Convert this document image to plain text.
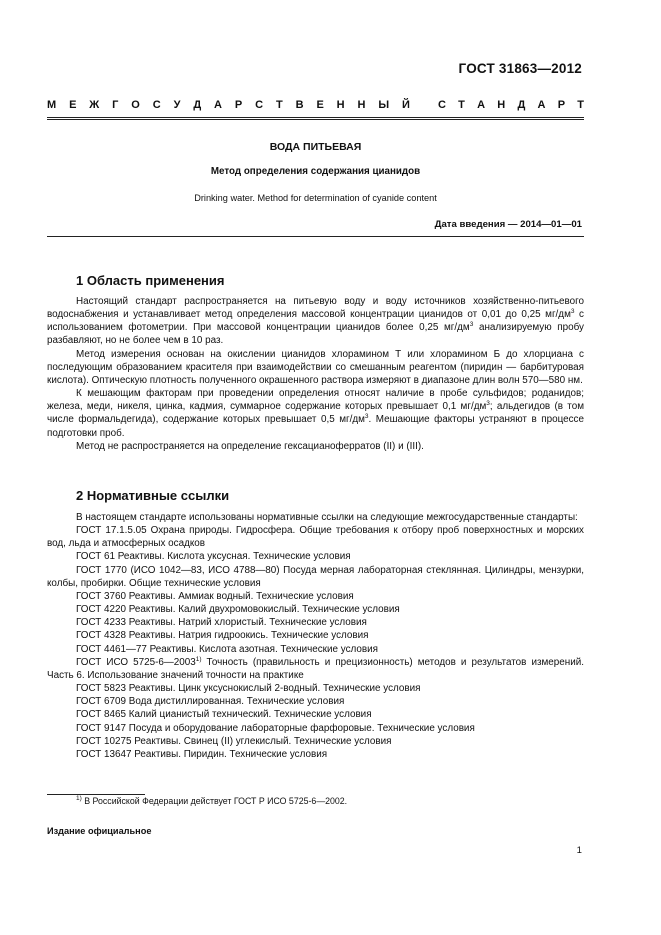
ГОСТ 31863—2012
М Е Ж Г О С У Д А Р С Т В Е Н Н Ы Й	С Т А Н Д А Р Т
ВОДА ПИТЬЕВАЯ
Метод определения содержания цианидов
Drinking water. Method for determination of cyanide content
Дата введения — 2014—01—01
1 Область применения

Настоящий стандарт распространяется на питьевую воду и воду источников хозяйственно-питьевого водоснабжения и устанавливает метод определения массовой концентрации цианидов от 0,01 до 0,25 $мг/дм^3$ с использованием фотометрии. При массовой концентрации цианидов более 0,25 $мг/дм^3$ анализируемую пробу разбавляют, но не более чем в 10 раз.

Метод измерения основан на окислении цианидов хлорамином Т или хлорамином Б до хлорциана с последующим образованием красителя при взаимодействии со смешанным реагентом (пиридин — барбитуровая кислота). Оптическую плотность полученного окрашенного раствора измеряют в диапазоне длин волн 570—580 нм.

К мешающим факторам при проведении определения относят наличие в пробе сульфидов; роданидов; железа, меди, никеля, цинка, кадмия, суммарное содержание которых превышает 0,1 $мг/дм^3$; альдегидов (в том числе формальдегида), содержание которых превышает 0,5 $мг/дм^3$. Мешающие факторы устраняют в процессе подготовки проб.

Метод не распространяется на определение гексацианоферратов (II) и (III).

2 Нормативные ссылки

В настоящем стандарте использованы нормативные ссылки на следующие межгосударственные стандарты:

ГОСТ 17.1.5.05 Охрана природы. Гидросфера. Общие требования к отбору проб поверхностных и морских вод, льда и атмосферных осадков

ГОСТ 61 Реактивы. Кислота уксусная. Технические условия

ГОСТ 1770 (ИСО 1042—83, ИСО 4788—80) Посуда мерная лабораторная стеклянная. Цилиндры, мензурки, колбы, пробирки. Общие технические условия

ГОСТ 3760 Реактивы. Аммиак водный. Технические условия

ГОСТ 4220 Реактивы. Калий двухромовокислый. Технические условия

ГОСТ 4233 Реактивы. Натрий хлористый. Технические условия

ГОСТ 4328 Реактивы. Натрия гидроокись. Технические условия

ГОСТ 4461—77 Реактивы. Кислота азотная. Технические условия

ГОСТ ИСО 5725-6—2003$^{1)}$ Точность (правильность и прецизионность) методов и результатов измерений. Часть 6. Использование значений точности на практике

ГОСТ 5823 Реактивы. Цинк уксуснокислый 2-водный. Технические условия

ГОСТ 6709 Вода дистиллированная. Технические условия

ГОСТ 8465 Калий цианистый технический. Технические условия

ГОСТ 9147 Посуда и оборудование лабораторные фарфоровые. Технические условия

ГОСТ 10275 Реактивы. Свинец (II) углекислый. Технические условия

ГОСТ 13647 Реактивы. Пиридин. Технические условия

$^{1)}$ В Российской Федерации действует ГОСТ Р ИСО 5725-6—2002.
Издание официальное
1
